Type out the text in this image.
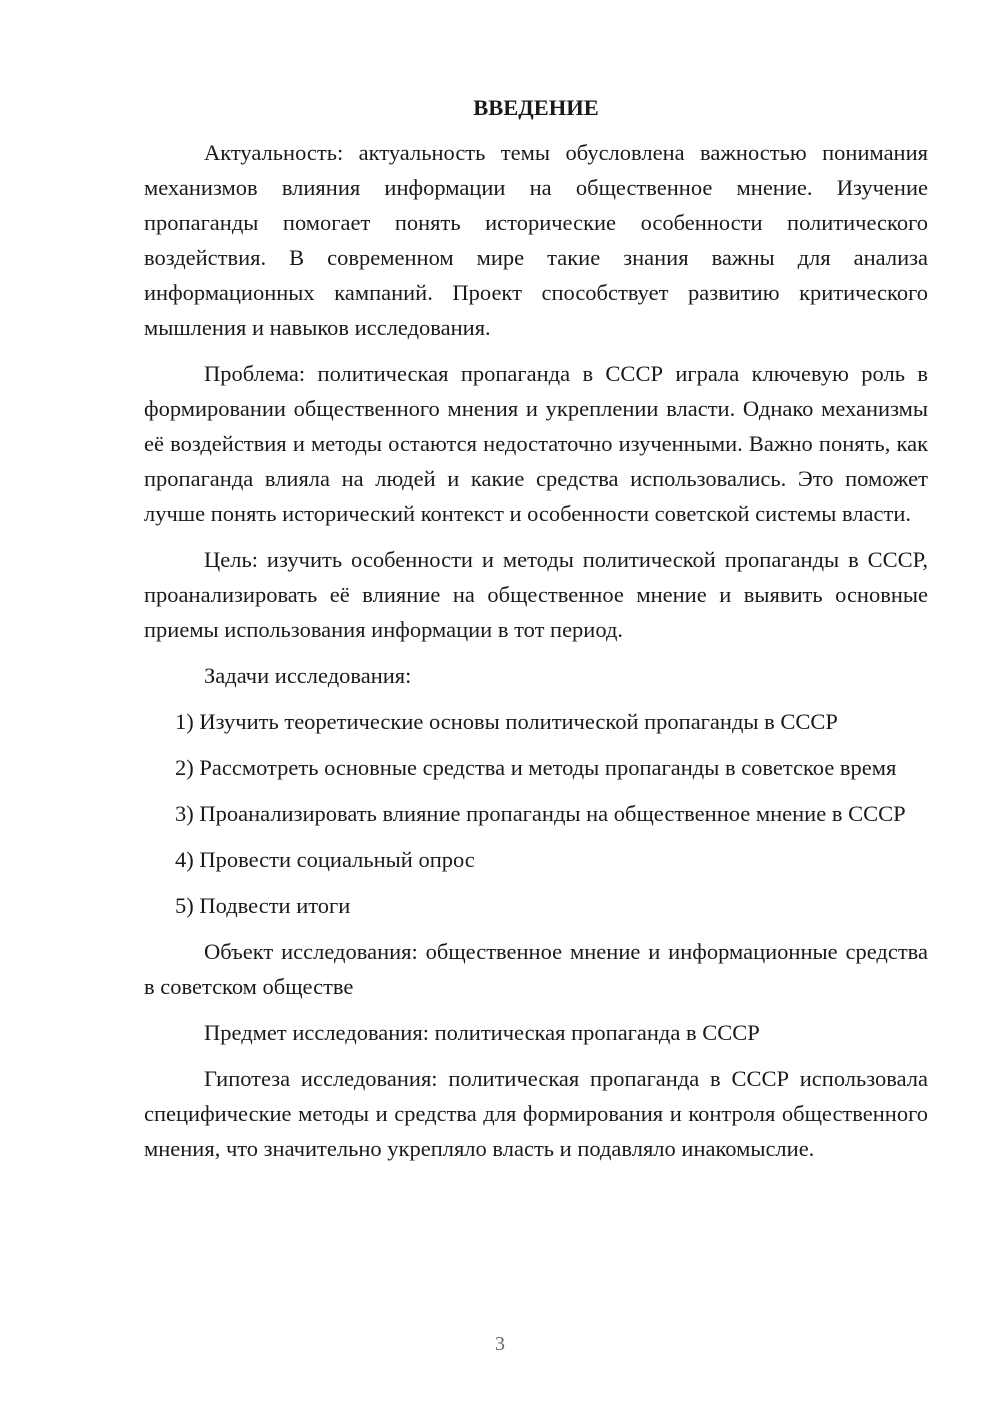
ВВЕДЕНИЕ

Актуальность: актуальность темы обусловлена важностью понимания механизмов влияния информации на общественное мнение. Изучение пропаганды помогает понять исторические особенности политического воздействия. В современном мире такие знания важны для анализа информационных кампаний. Проект способствует развитию критического мышления и навыков исследования.

Проблема: политическая пропаганда в СССР играла ключевую роль в формировании общественного мнения и укреплении власти. Однако механизмы её воздействия и методы остаются недостаточно изученными. Важно понять, как пропаганда влияла на людей и какие средства использовались. Это поможет лучше понять исторический контекст и особенности советской системы власти.

Цель: изучить особенности и методы политической пропаганды в СССР, проанализировать её влияние на общественное мнение и выявить основные приемы использования информации в тот период.

Задачи исследования:

1) Изучить теоретические основы политической пропаганды в СССР

2) Рассмотреть основные средства и методы пропаганды в советское время

3) Проанализировать влияние пропаганды на общественное мнение в СССР

4) Провести социальный опрос

5) Подвести итоги

Объект исследования: общественное мнение и информационные средства в советском обществе

Предмет исследования: политическая пропаганда в СССР

Гипотеза исследования: политическая пропаганда в СССР использовала специфические методы и средства для формирования и контроля общественного мнения, что значительно укрепляло власть и подавляло инакомыслие.

3
